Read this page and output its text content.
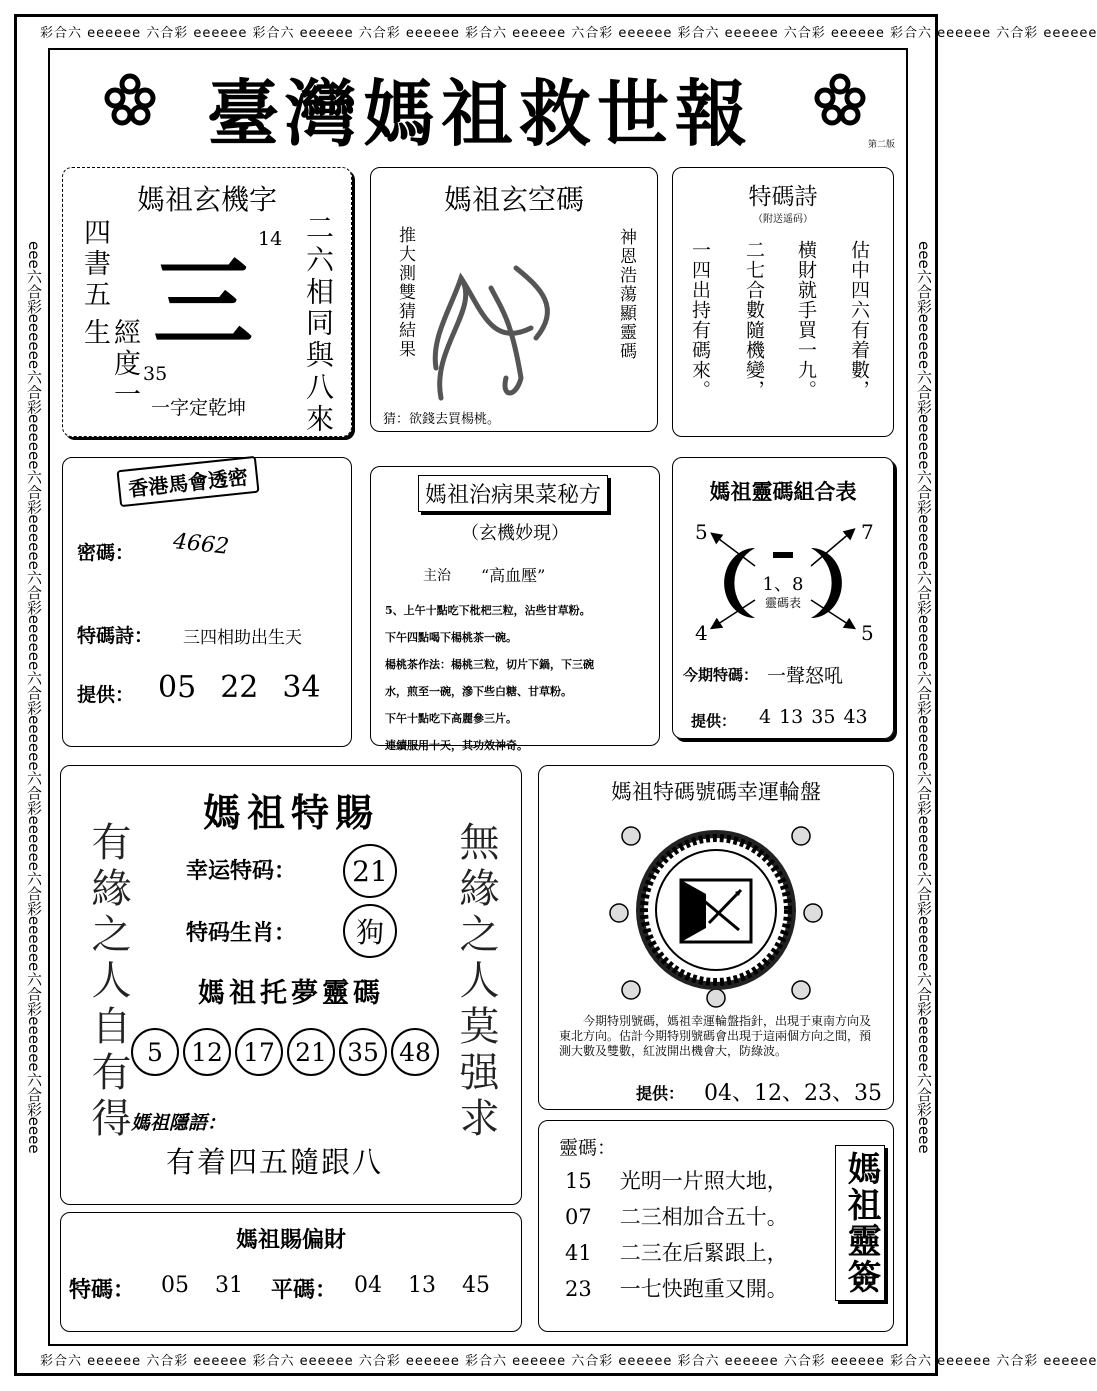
彩合六 eeeeee 六合彩 eeeeee 彩合六 eeeeee 六合彩 eeeeee 彩合六 eeeeee 六合彩 eeeeee 彩合六 eeeeee 六合彩 eeeeee 彩合六 eeeeee 六合彩 eeeeee
彩合六 eeeeee 六合彩 eeeeee 彩合六 eeeeee 六合彩 eeeeee 彩合六 eeeeee 六合彩 eeeeee 彩合六 eeeeee 六合彩 eeeeee 彩合六 eeeeee 六合彩 eeeeee
eee六合彩eeeeee六合彩eeeeee六合彩eeeeee六合彩eeeeee六合彩eeeeee六合彩eeeeee六合彩eeeeee六合彩eeeeee六合彩eeee	eee六合彩eeeeee六合彩eeeeee六合彩eeeeee六合彩eeeeee六合彩eeeeee六合彩eeeeee六合彩eeeeee六合彩eeeeee六合彩eeee
臺灣媽祖救世報	第二版
媽祖玄機字
四書五
經度一生
14
三
35
一字定乾坤
二六相
同與八來
媽祖玄空碼
推大測雙猜結果	神恩浩蕩顯靈碼
猜：欲錢去買楊桃。
特碼詩
（附送遥码）
估中四六有着數，
横財就手買一九。
二七合數隨機變，
一四出持有碼來。
香港馬會透密
密碼： 4662
特碼詩： 三四相助出生天
提供： 05 22 34
媽祖治病果菜秘方
（玄機妙現）
主治 “高血壓”
5、上午十點吃下枇杷三粒，沾些甘草粉。
下午四點喝下楊桃茶一碗。
楊桃茶作法：楊桃三粒，切片下鍋，下三碗
水，煎至一碗，滲下些白糖、甘草粉。
下午十點吃下高麗參三片。
連續服用十天，其功效神奇。
媽祖靈碼組合表
5	7
4	5
1、8
靈碼表
今期特碼： 一聲怒吼
提供： 4 13 35 43
媽祖特賜
有緣之人自有得	無緣之人莫强求
幸运特码：	21
特码生肖：	狗
媽祖托夢靈碼
5	12 17 21 35 48
媽祖隱語：
有着四五隨跟八
媽祖特碼號碼幸運輪盤
今期特別號碼，媽祖幸運輪盤指針，出現于東南方向及東北方向。估計今期特別號碼會出現于這兩個方向之間，預測大數及雙數，紅波開出機會大，防綠波。
提供： 04、12、23、35
媽祖賜偏財
特碼： 05 31 平碼： 04 13 45
靈碼：
15 光明一片照大地，
07 二三相加合五十。
41 二三在后緊跟上，
23 一七快跑重又開。 媽祖靈簽
